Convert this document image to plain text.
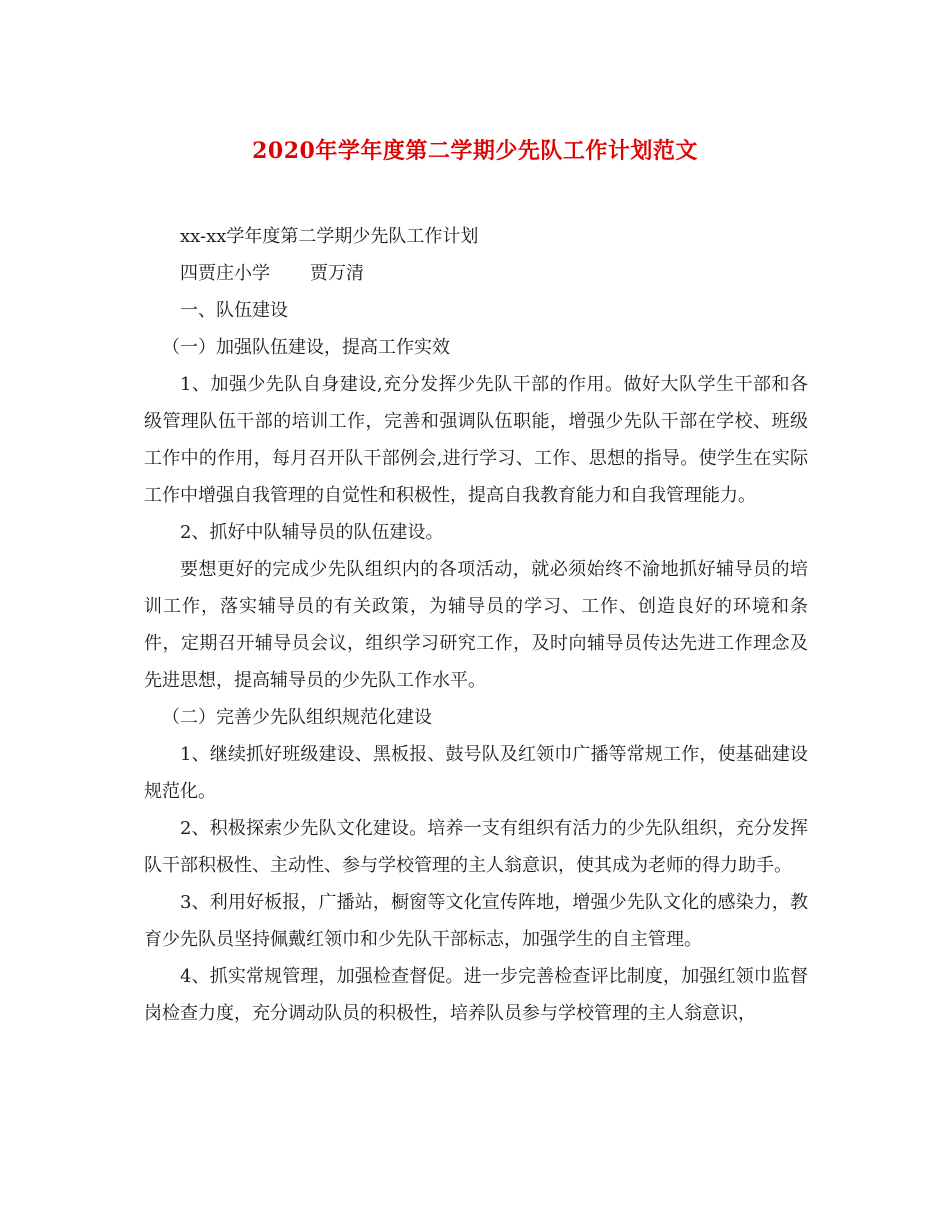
2020年学年度第二学期少先队工作计划范文

xx-xx学年度第二学期少先队工作计划

四贾庄小学 贾万清

一、队伍建设

（一）加强队伍建设，提高工作实效

1、加强少先队自身建设,充分发挥少先队干部的作用。做好大队学生干部和各级管理队伍干部的培训工作，完善和强调队伍职能，增强少先队干部在学校、班级工作中的作用，每月召开队干部例会,进行学习、工作、思想的指导。使学生在实际工作中增强自我管理的自觉性和积极性，提高自我教育能力和自我管理能力。

2、抓好中队辅导员的队伍建设。

要想更好的完成少先队组织内的各项活动，就必须始终不渝地抓好辅导员的培训工作，落实辅导员的有关政策，为辅导员的学习、工作、创造良好的环境和条件，定期召开辅导员会议，组织学习研究工作，及时向辅导员传达先进工作理念及先进思想，提高辅导员的少先队工作水平。

（二）完善少先队组织规范化建设

1、继续抓好班级建设、黑板报、鼓号队及红领巾广播等常规工作，使基础建设规范化。

2、积极探索少先队文化建设。培养一支有组织有活力的少先队组织，充分发挥队干部积极性、主动性、参与学校管理的主人翁意识，使其成为老师的得力助手。

3、利用好板报，广播站，橱窗等文化宣传阵地，增强少先队文化的感染力，教育少先队员坚持佩戴红领巾和少先队干部标志，加强学生的自主管理。

4、抓实常规管理，加强检查督促。进一步完善检查评比制度，加强红领巾监督岗检查力度，充分调动队员的积极性，培养队员参与学校管理的主人翁意识，
